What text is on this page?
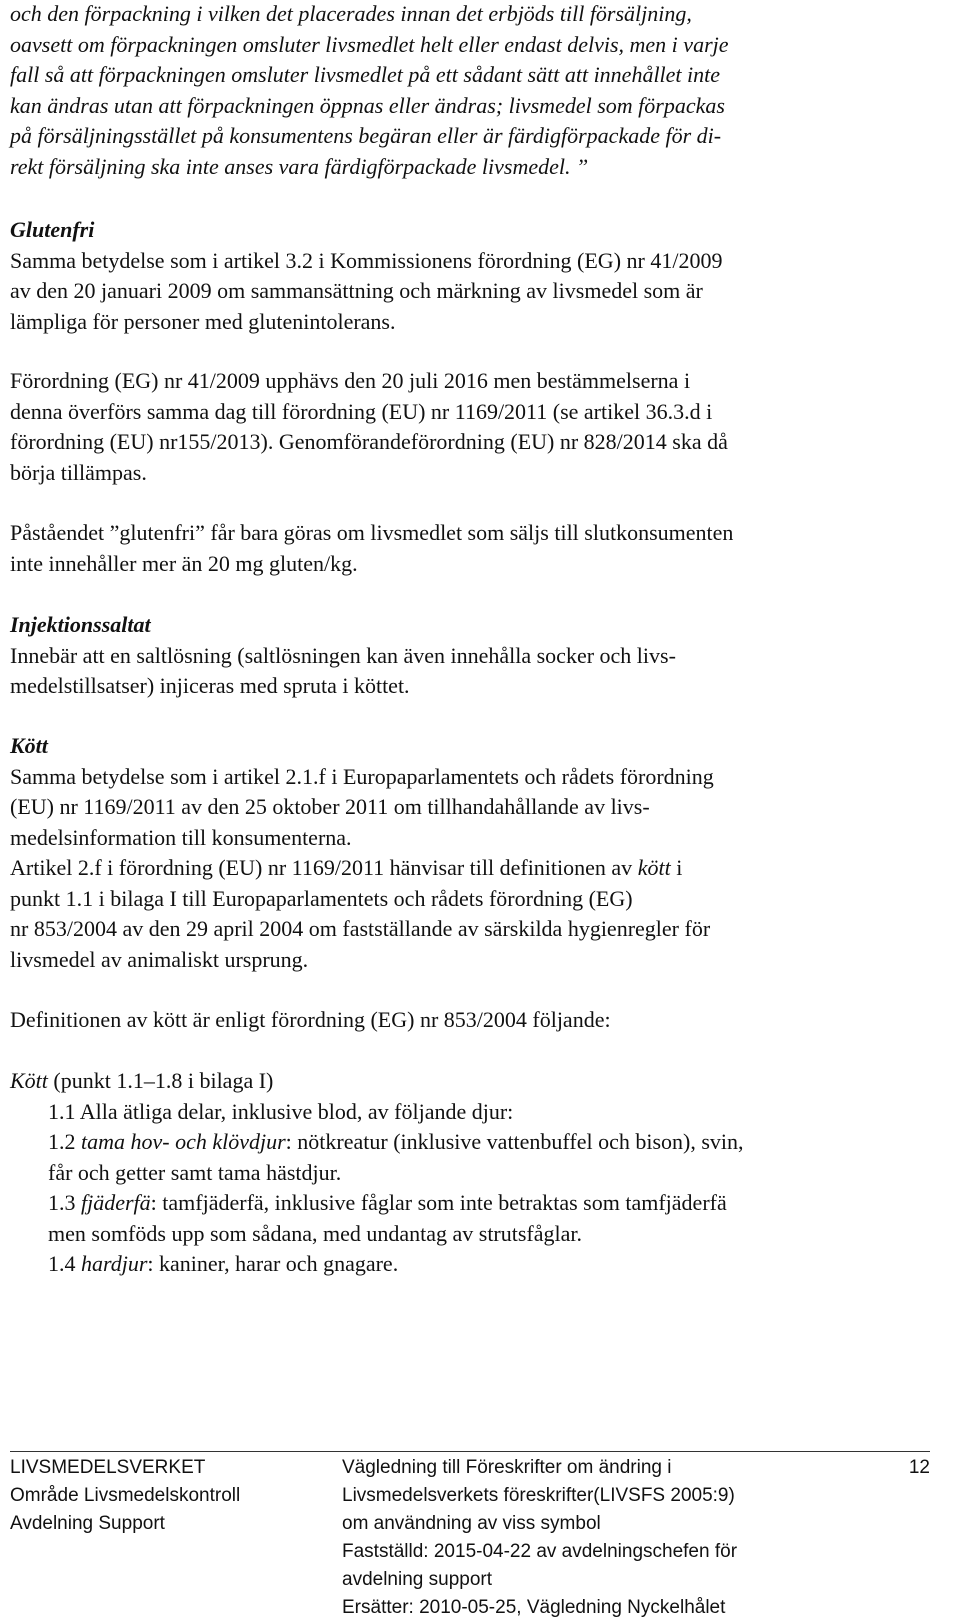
och den förpackning i vilken det placerades innan det erbjöds till försäljning,

oavsett om förpackningen omsluter livsmedlet helt eller endast delvis, men i varje

fall så att förpackningen omsluter livsmedlet på ett sådant sätt att innehållet inte

kan ändras utan att förpackningen öppnas eller ändras; livsmedel som förpackas

på försäljningsstället på konsumentens begäran eller är färdigförpackade för di-

rekt försäljning ska inte anses vara färdigförpackade livsmedel. ”

Glutenfri

Samma betydelse som i artikel 3.2 i Kommissionens förordning (EG) nr 41/2009

av den 20 januari 2009 om sammansättning och märkning av livsmedel som är

lämpliga för personer med glutenintolerans.

Förordning (EG) nr 41/2009 upphävs den 20 juli 2016 men bestämmelserna i

denna överförs samma dag till förordning (EU) nr 1169/2011 (se artikel 36.3.d i

förordning (EU) nr155/2013). Genomförandeförordning (EU) nr 828/2014 ska då

börja tillämpas.

Påståendet ”glutenfri” får bara göras om livsmedlet som säljs till slutkonsumenten

inte innehåller mer än 20 mg gluten/kg.

Injektionssaltat

Innebär att en saltlösning (saltlösningen kan även innehålla socker och livs-

medelstillsatser) injiceras med spruta i köttet.

Kött

Samma betydelse som i artikel 2.1.f i Europaparlamentets och rådets förordning

(EU) nr 1169/2011 av den 25 oktober 2011 om tillhandahållande av livs-

medelsinformation till konsumenterna.

Artikel 2.f i förordning (EU) nr 1169/2011 hänvisar till definitionen av kött i

punkt 1.1 i bilaga I till Europaparlamentets och rådets förordning (EG)

nr 853/2004 av den 29 april 2004 om fastställande av särskilda hygienregler för

livsmedel av animaliskt ursprung.

Definitionen av kött är enligt förordning (EG) nr 853/2004 följande:

Kött (punkt 1.1–1.8 i bilaga I)

1.1 Alla ätliga delar, inklusive blod, av följande djur:

1.2 tama hov- och klövdjur: nötkreatur (inklusive vattenbuffel och bison), svin,

får och getter samt tama hästdjur.

1.3 fjäderfä: tamfjäderfä, inklusive fåglar som inte betraktas som tamfjäderfä

men somföds upp som sådana, med undantag av strutsfåglar.

1.4 hardjur: kaniner, harar och gnagare.

LIVSMEDELSVERKET
Område Livsmedelskontroll
Avdelning Support
Vägledning till Föreskrifter om ändring i
Livsmedelsverkets föreskrifter(LIVSFS 2005:9)
om användning av viss symbol
Fastställd: 2015-04-22 av avdelningschefen för
avdelning support
Ersätter: 2010-05-25, Vägledning Nyckelhålet
12
